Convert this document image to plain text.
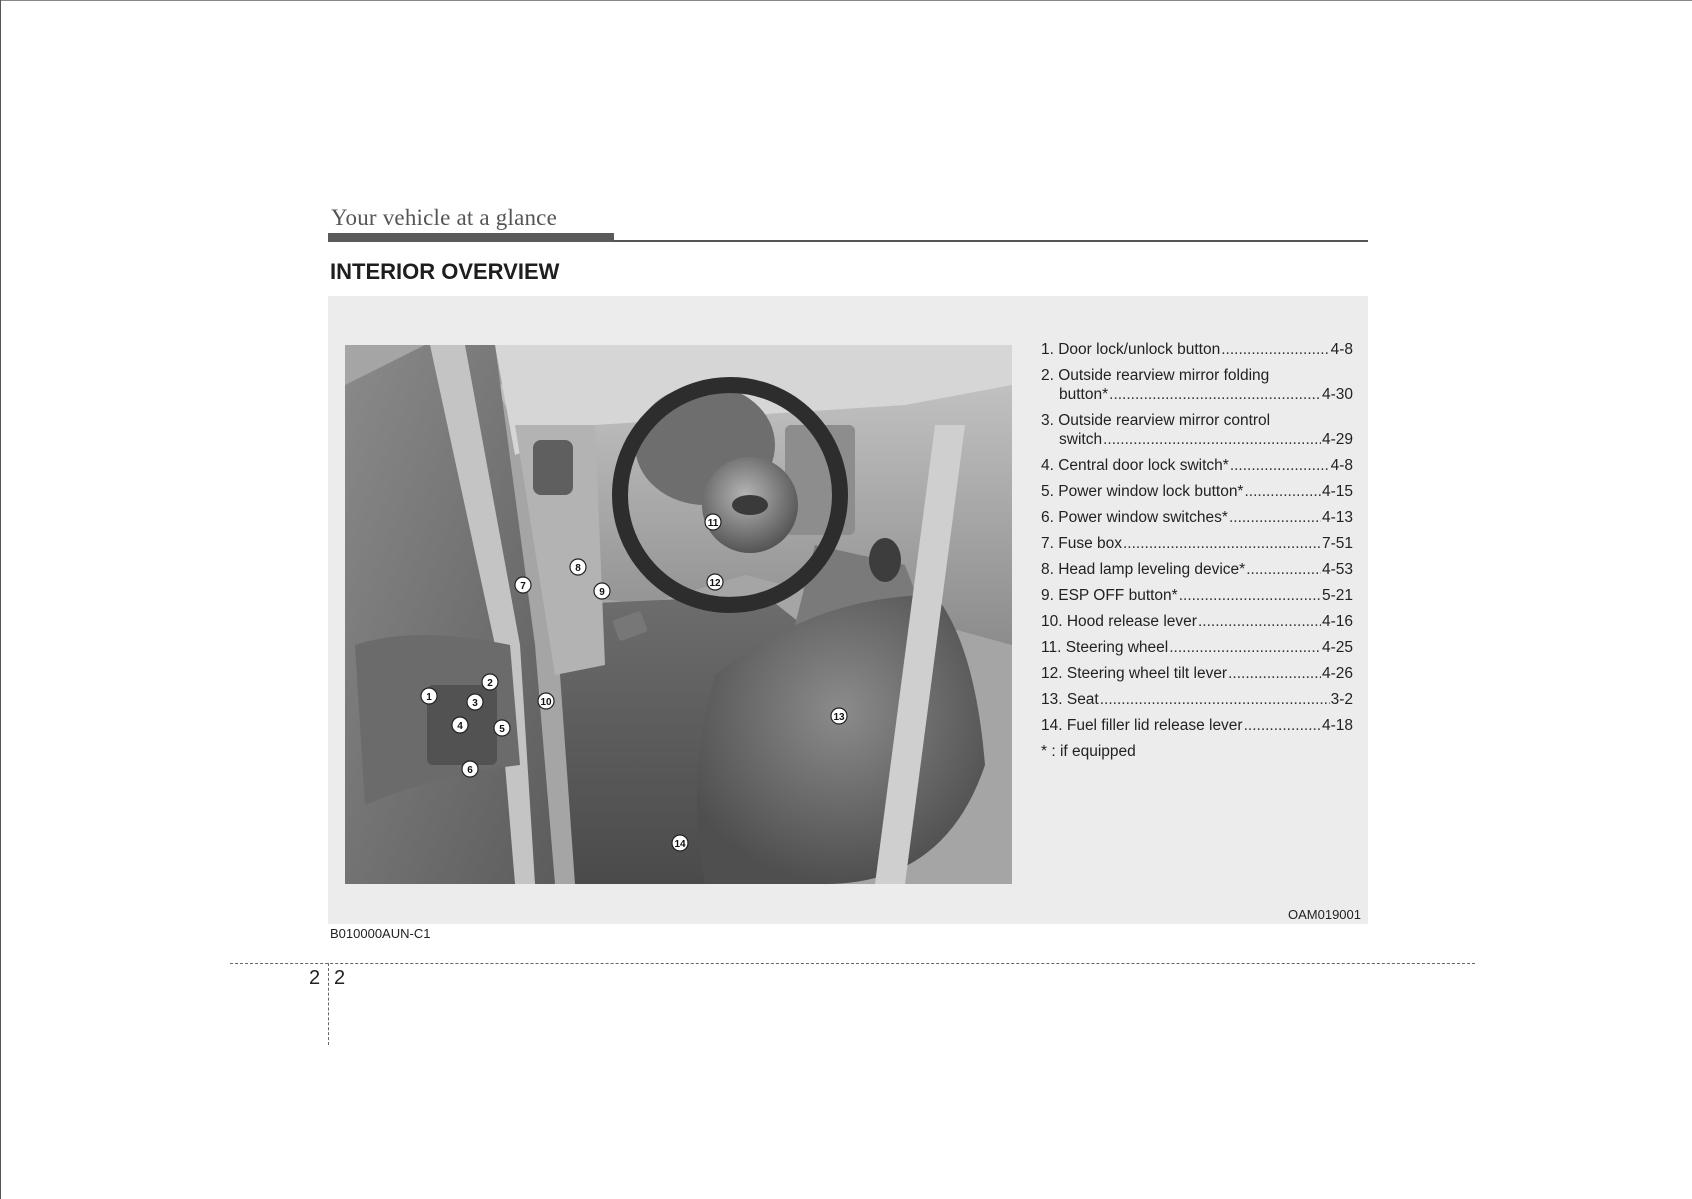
Your vehicle at a glance
INTERIOR OVERVIEW
1
2
3
4	5
6
7
8
9
10
11
12
13
14
1. Door lock/unlock button .....	4-8
2. Outside rearview mirror folding
button* .....	4-30
3. Outside rearview mirror control
switch .....	4-29
4. Central door lock switch* .....	4-8
5. Power window lock button* .....	4-15
6. Power window switches* .....	4-13
7. Fuse box .....	7-51
8. Head lamp leveling device* .....	4-53
9. ESP OFF button* .....	5-21
10. Hood release lever .....	4-16
11. Steering wheel .....	4-25
12. Steering wheel tilt lever .....	4-26
13. Seat .....	3-2
14. Fuel filler lid release lever .....	4-18
* : if equipped
OAM019001
B010000AUN-C1
2 2
